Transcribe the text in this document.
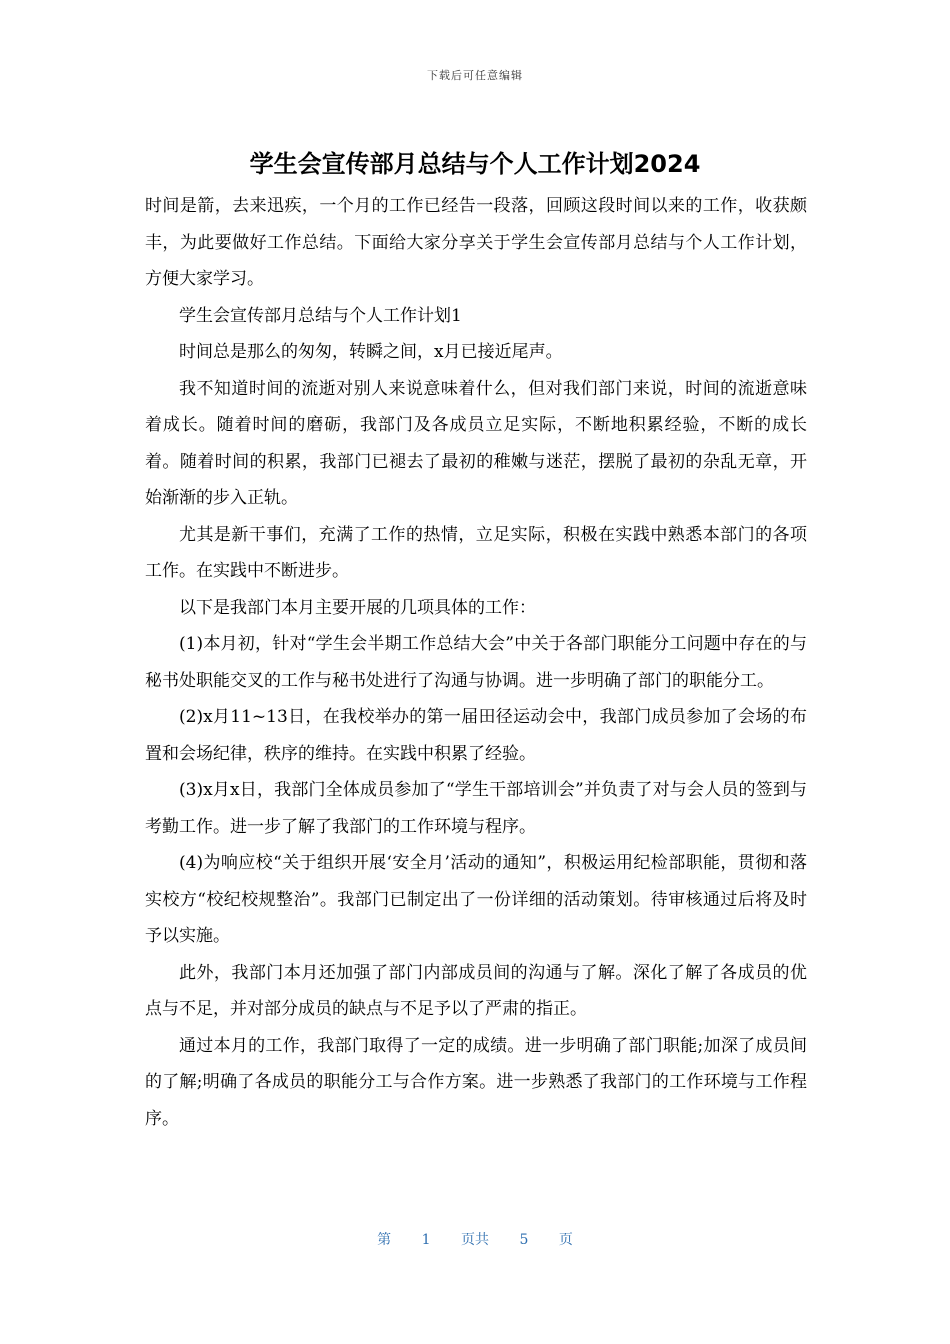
下载后可任意编辑
学生会宣传部月总结与个人工作计划2024

时间是箭，去来迅疾，一个月的工作已经告一段落，回顾这段时间以来的工作，收获颇丰，为此要做好工作总结。下面给大家分享关于学生会宣传部月总结与个人工作计划，方便大家学习。

学生会宣传部月总结与个人工作计划1

时间总是那么的匆匆，转瞬之间，x月已接近尾声。

我不知道时间的流逝对别人来说意味着什么，但对我们部门来说，时间的流逝意味着成长。随着时间的磨砺，我部门及各成员立足实际，不断地积累经验，不断的成长着。随着时间的积累，我部门已褪去了最初的稚嫩与迷茫，摆脱了最初的杂乱无章，开始渐渐的步入正轨。

尤其是新干事们，充满了工作的热情，立足实际，积极在实践中熟悉本部门的各项工作。在实践中不断进步。

以下是我部门本月主要开展的几项具体的工作：

(1)本月初，针对“学生会半期工作总结大会”中关于各部门职能分工问题中存在的与秘书处职能交叉的工作与秘书处进行了沟通与协调。进一步明确了部门的职能分工。

(2)x月11~13日，在我校举办的第一届田径运动会中，我部门成员参加了会场的布置和会场纪律，秩序的维持。在实践中积累了经验。

(3)x月x日，我部门全体成员参加了“学生干部培训会”并负责了对与会人员的签到与考勤工作。进一步了解了我部门的工作环境与程序。

(4)为响应校“关于组织开展‘安全月’活动的通知”，积极运用纪检部职能，贯彻和落实校方“校纪校规整治”。我部门已制定出了一份详细的活动策划。待审核通过后将及时予以实施。

此外，我部门本月还加强了部门内部成员间的沟通与了解。深化了解了各成员的优点与不足，并对部分成员的缺点与不足予以了严肃的指正。

通过本月的工作，我部门取得了一定的成绩。进一步明确了部门职能;加深了成员间的了解;明确了各成员的职能分工与合作方案。进一步熟悉了我部门的工作环境与工作程序。

第 1 页共 5 页
